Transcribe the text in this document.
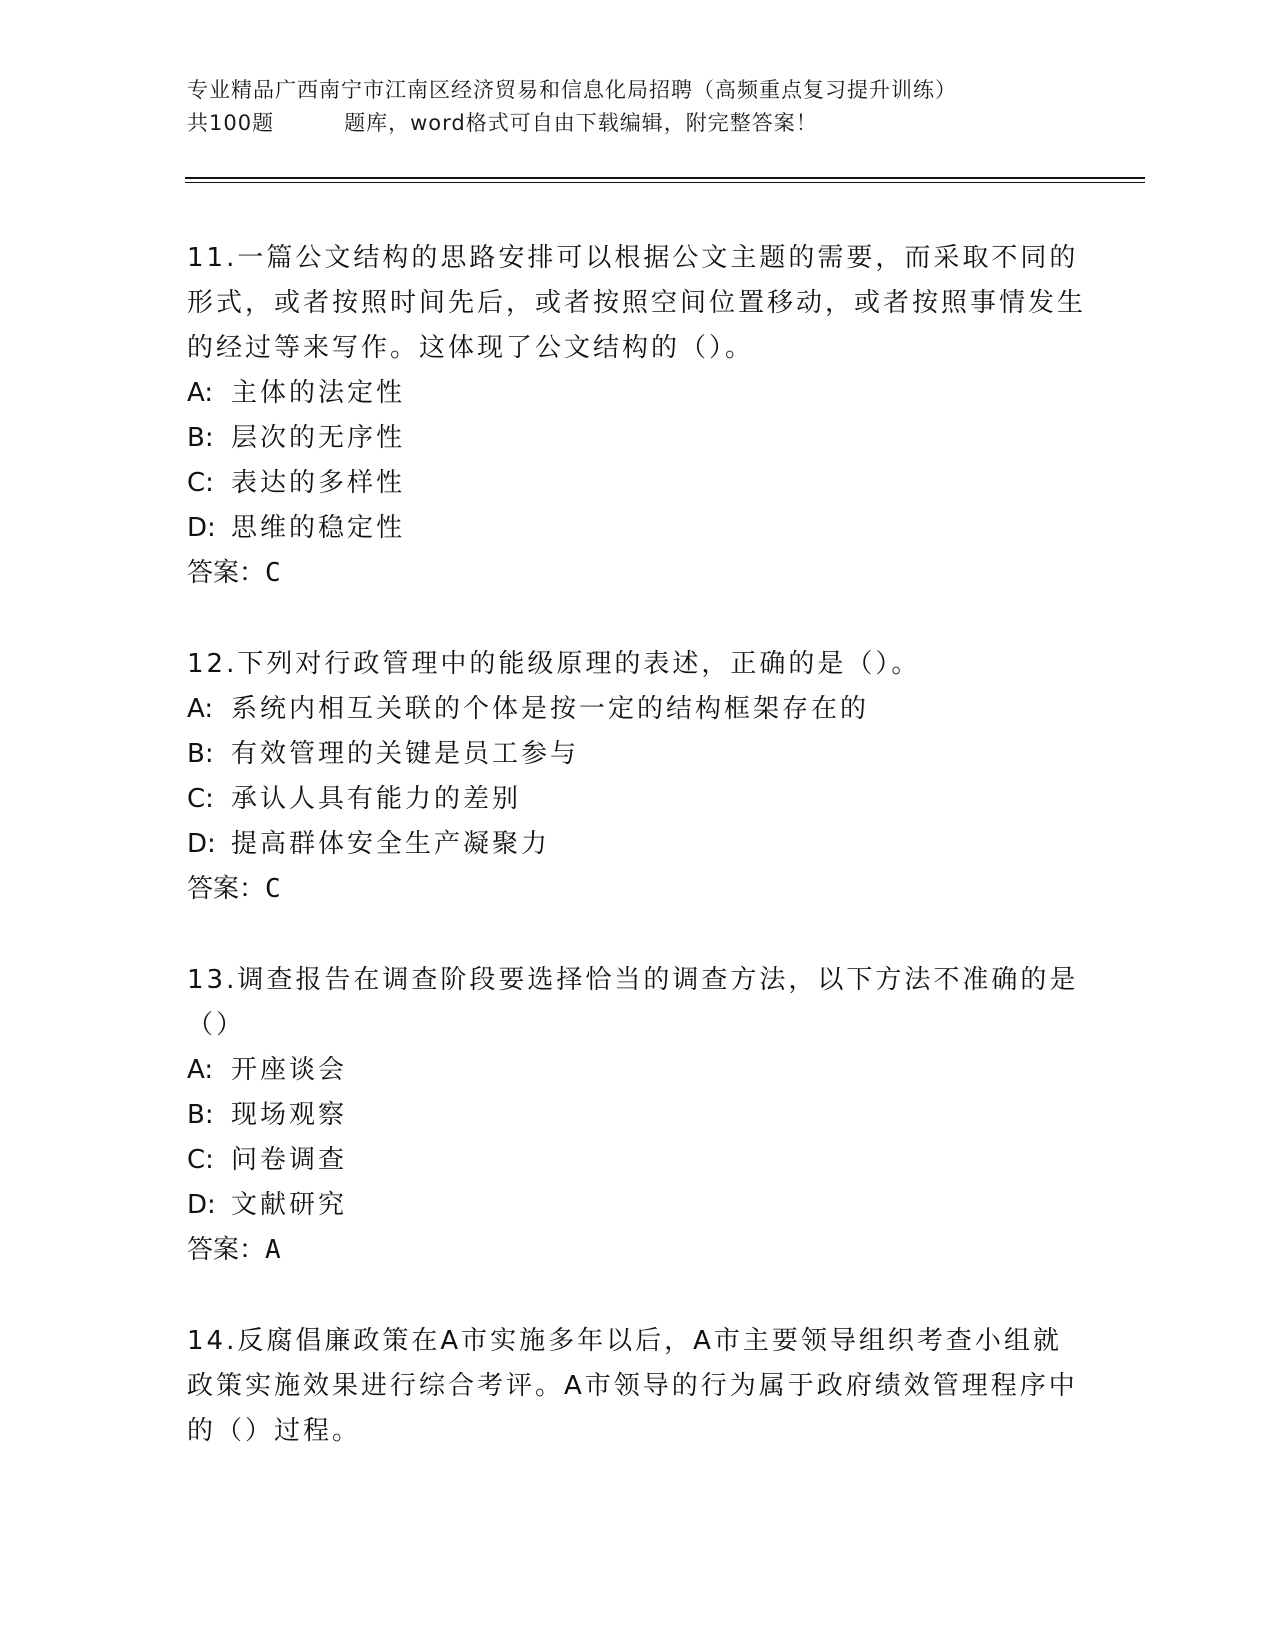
专业精品广西南宁市江南区经济贸易和信息化局招聘（高频重点复习提升训练）
共100题	题库，word格式可自由下载编辑，附完整答案！
11.一篇公文结构的思路安排可以根据公文主题的需要，而采取不同的形式，或者按照时间先后，或者按照空间位置移动，或者按照事情发生的经过等来写作。这体现了公文结构的（）。
A: 主体的法定性
B: 层次的无序性
C: 表达的多样性
D: 思维的稳定性
答案：C
12.下列对行政管理中的能级原理的表述，正确的是（）。
A: 系统内相互关联的个体是按一定的结构框架存在的
B: 有效管理的关键是员工参与
C: 承认人具有能力的差别
D: 提高群体安全生产凝聚力
答案：C
13.调查报告在调查阶段要选择恰当的调查方法，以下方法不准确的是（）
A: 开座谈会
B: 现场观察
C: 问卷调查
D: 文献研究
答案：A
14.反腐倡廉政策在A市实施多年以后，A市主要领导组织考查小组就政策实施效果进行综合考评。A市领导的行为属于政府绩效管理程序中的（）过程。
